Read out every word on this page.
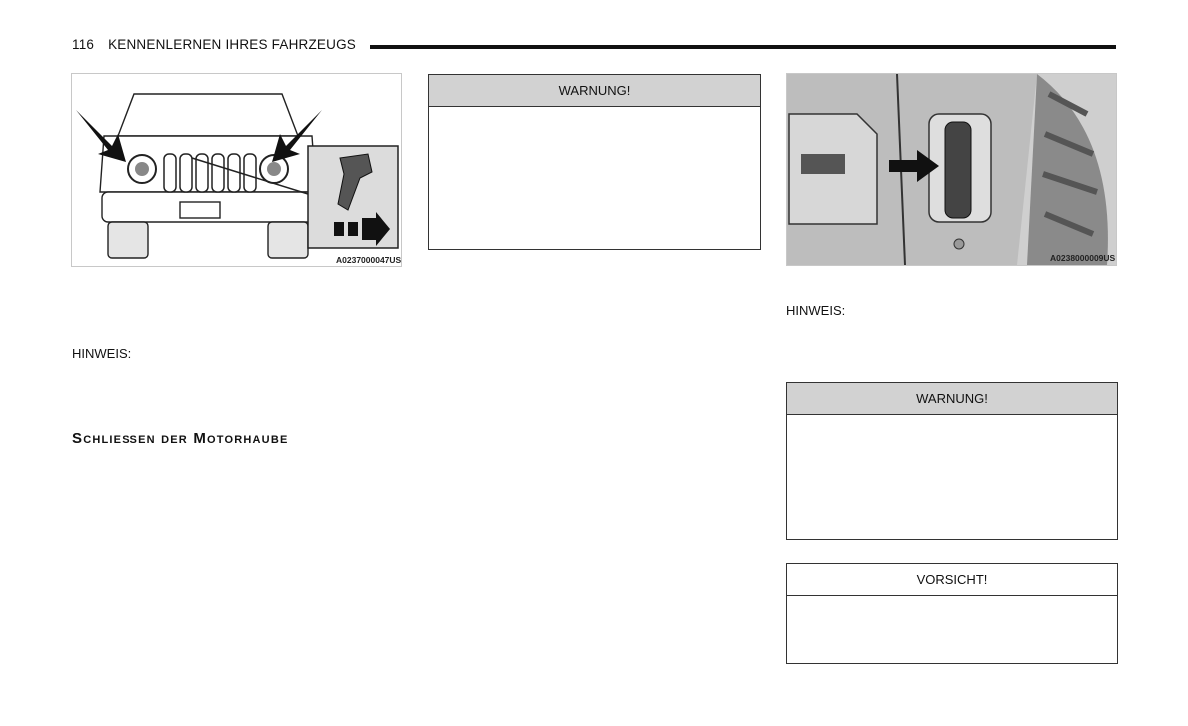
116 KENNENLERNEN IHRES FAHRZEUGS
A0237000047US
HINWEIS:
Schließen der Motorhaube
WARNUNG!
A0238000009US
HINWEIS:
WARNUNG!
VORSICHT!
